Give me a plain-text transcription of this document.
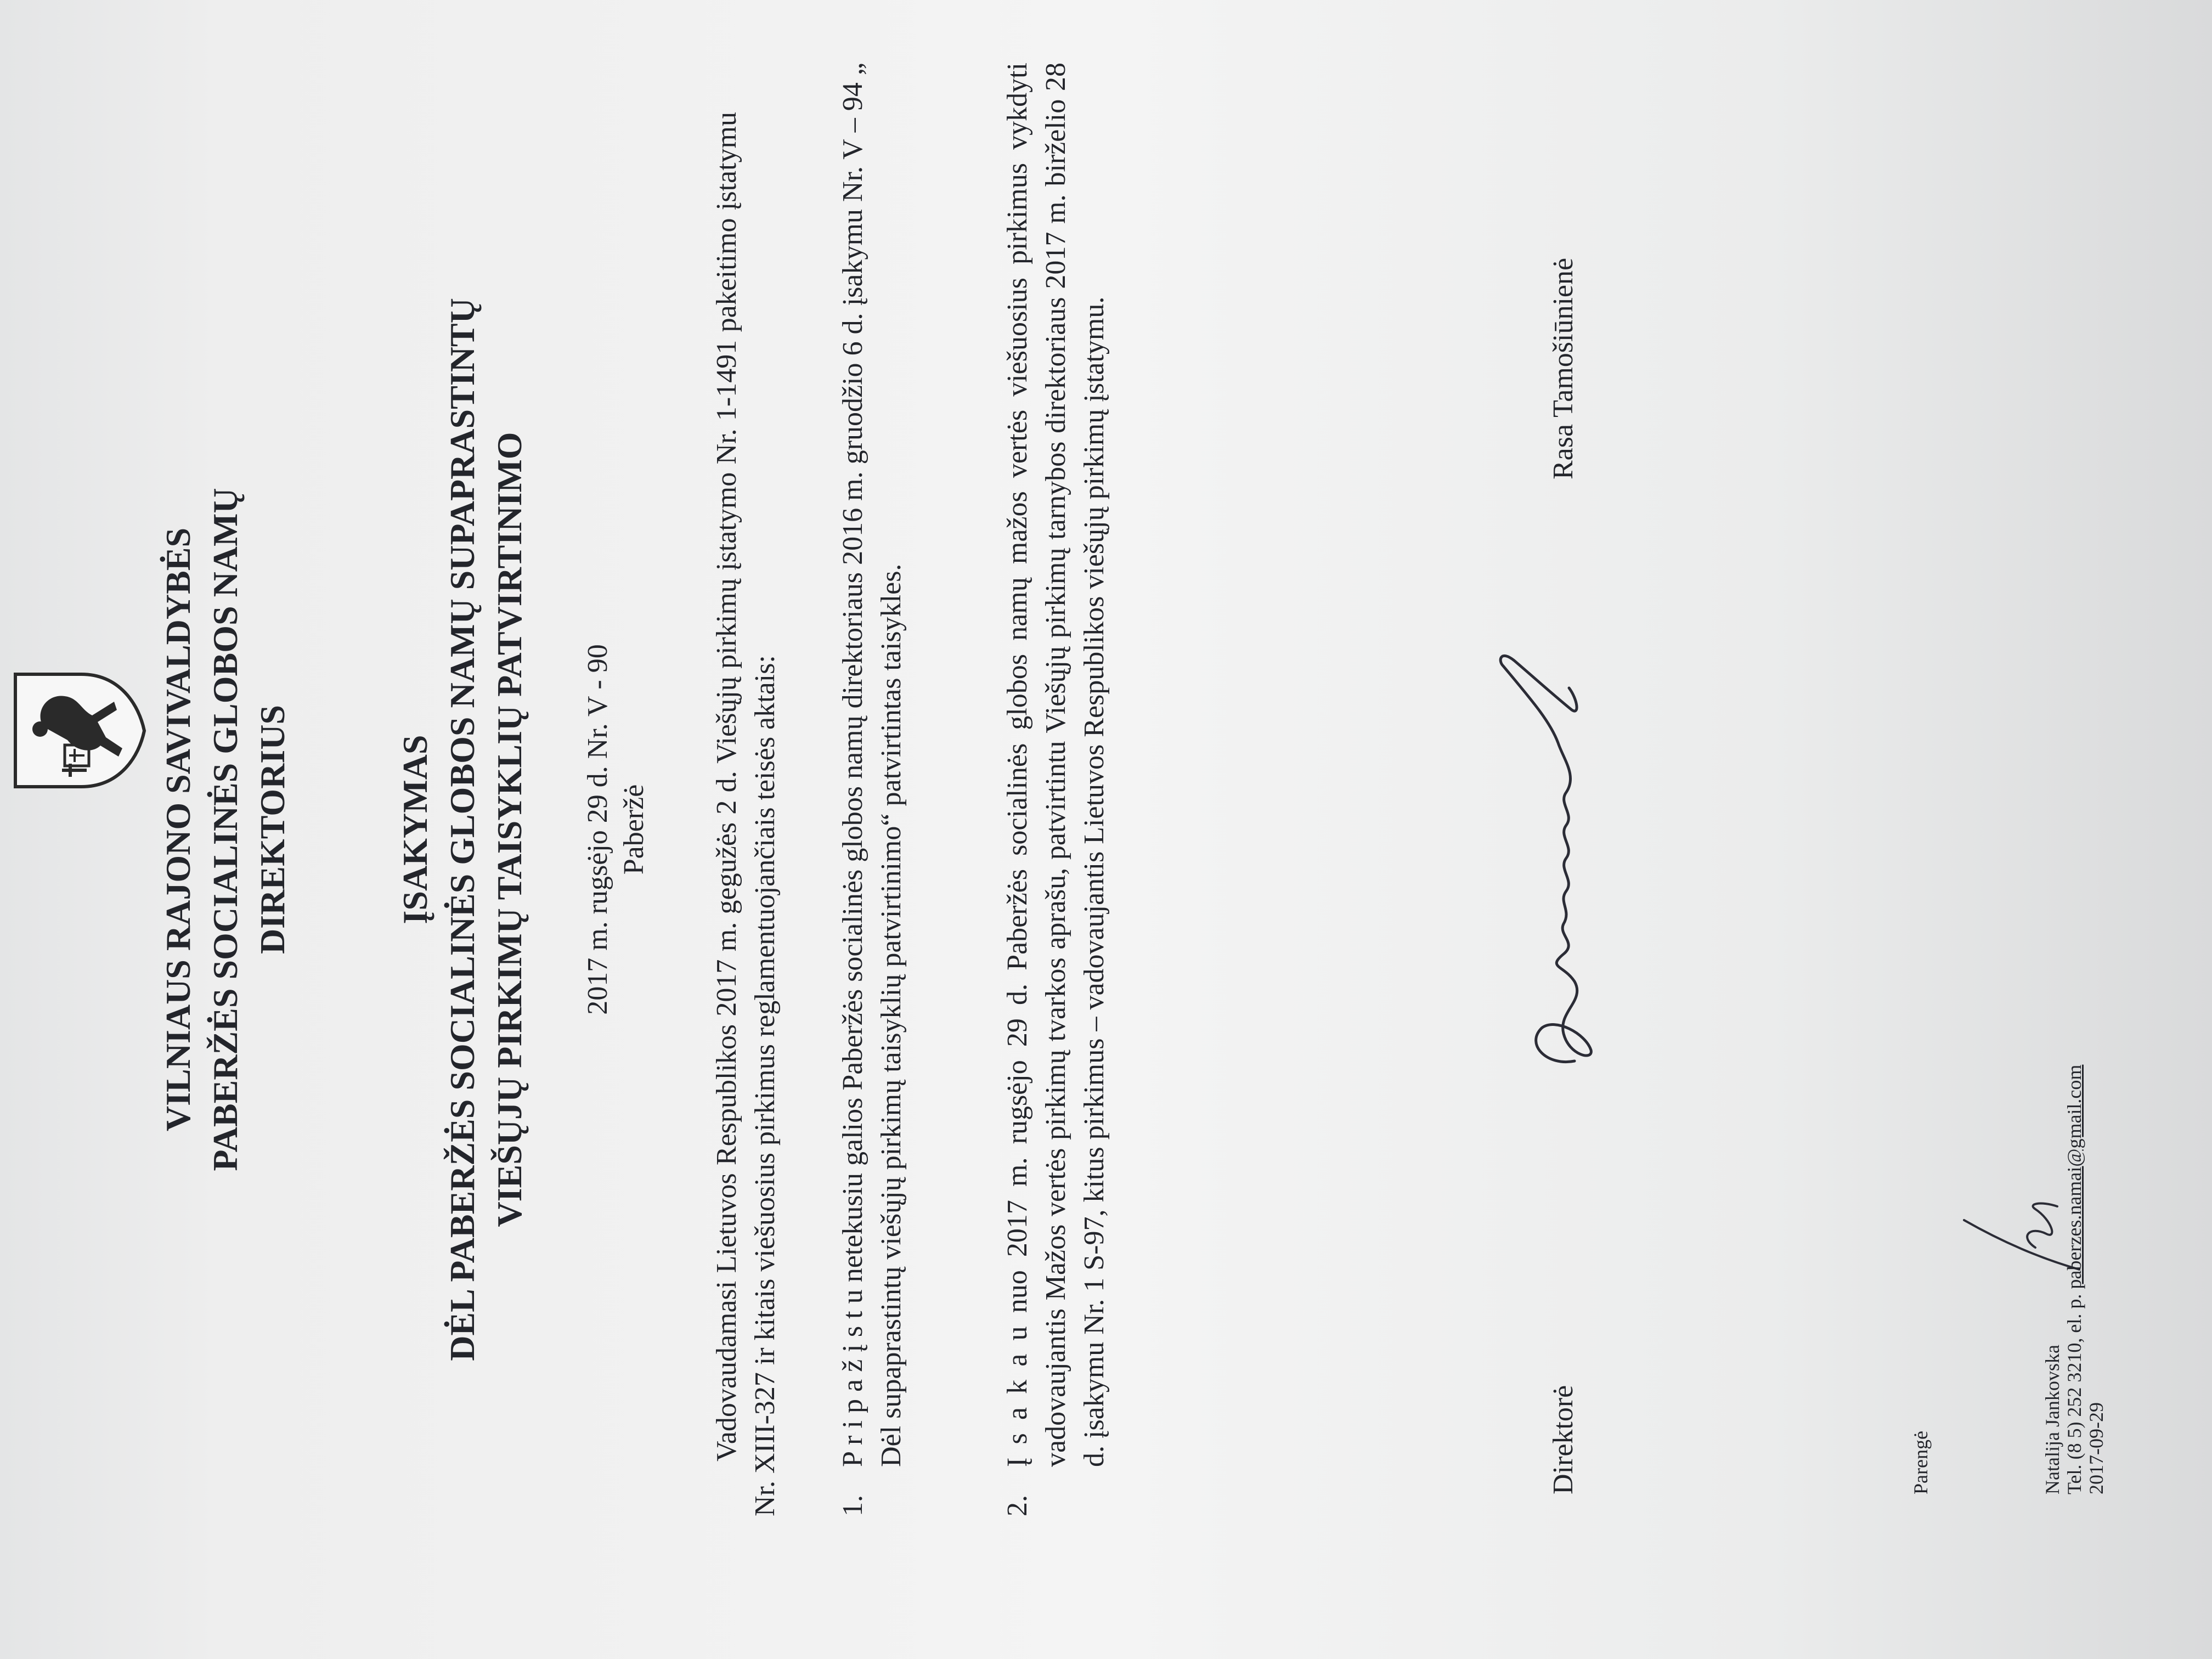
VILNIAUS RAJONO SAVIVALDYBĖS PABERŽĖS SOCIALINĖS GLOBOS NAMŲ DIREKTORIUS	ĮSAKYMAS DĖL PABERŽĖS SOCIALINĖS GLOBOS NAMŲ SUPAPRASTINTŲ VIEŠŲJŲ PIRKIMŲ TAISYKLIŲ PATVIRTINIMO 2017 m. rugsėjo 29 d. Nr. V - 90 Paberžė Vadovaudamasi Lietuvos Respublikos 2017 m. gegužės 2 d. Viešųjų pirkimų įstatymo Nr. 1-1491 pakeitimo įstatymu Nr. XIII-327 ir kitais viešuosius pirkimus reglamentuojančiais teisės aktais: 1.
P r i p a ž į s t u netekusiu galios Paberžės socialinės globos namų direktoriaus 2016 m. gruodžio 6 d. įsakymu Nr. V – 94 „ Dėl supaprastintų viešųjų pirkimų taisyklių patvirtinimo“ patvirtintas taisykles.
2.
Į s a k a u nuo 2017 m. rugsėjo 29 d. Paberžės socialinės globos namų mažos vertės viešuosius pirkimus vykdyti vadovaujantis Mažos vertės pirkimų tvarkos aprašu, patvirtintu Viešųjų pirkimų tarnybos direktoriaus 2017 m. birželio 28 d. įsakymu Nr. 1 S-97, kitus pirkimus – vadovaujantis Lietuvos Respublikos viešųjų pirkimų įstatymu.	Direktorė
Rasa Tamošiūnienė
Parengė	Natalija Jankovska Tel. (8 5) 252 3210, el. p. paberzes.namai@gmail.com
2017-09-29
